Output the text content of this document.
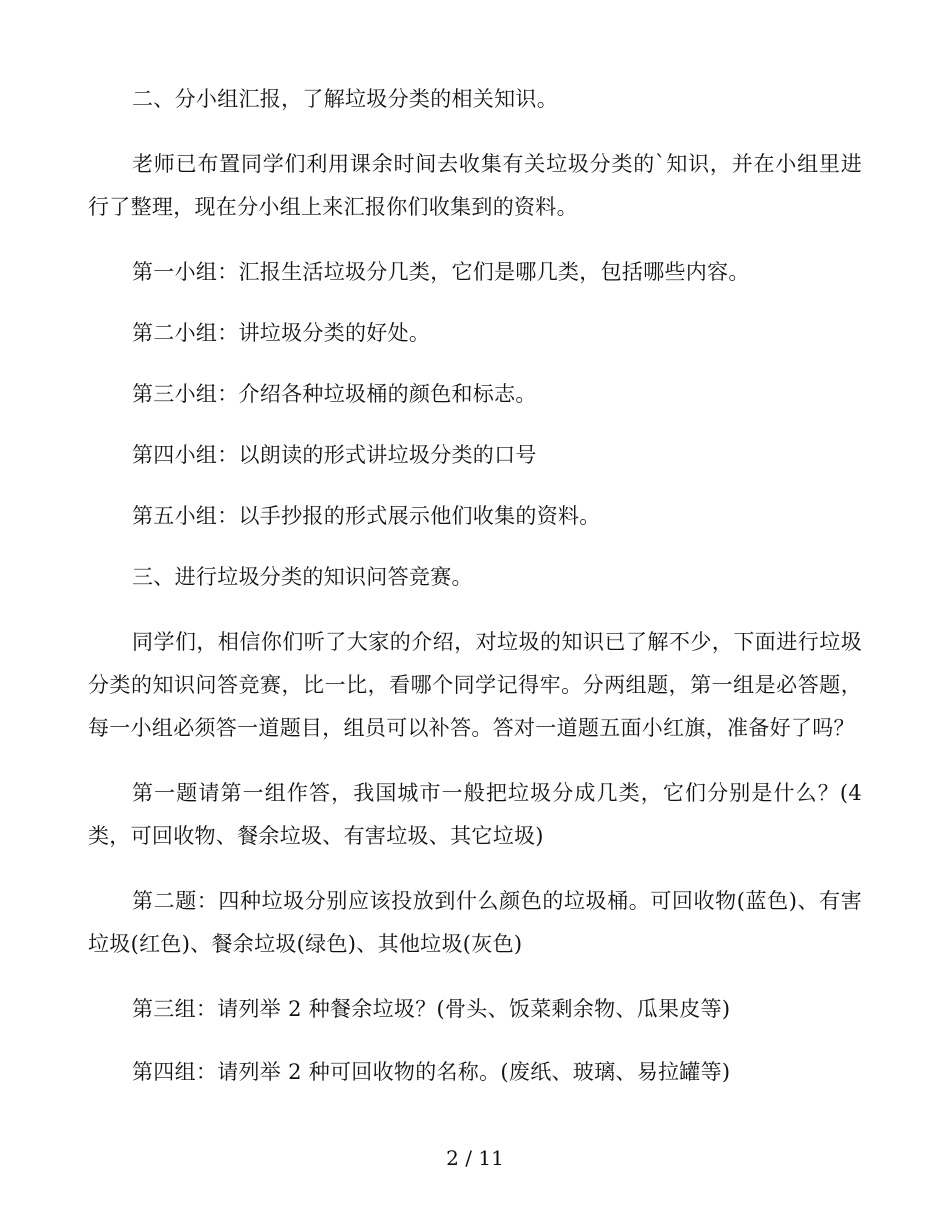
二、分小组汇报，了解垃圾分类的相关知识。

老师已布置同学们利用课余时间去收集有关垃圾分类的`知识，并在小组里进行了整理，现在分小组上来汇报你们收集到的资料。

第一小组：汇报生活垃圾分几类，它们是哪几类，包括哪些内容。

第二小组：讲垃圾分类的好处。

第三小组：介绍各种垃圾桶的颜色和标志。

第四小组：以朗读的形式讲垃圾分类的口号

第五小组：以手抄报的形式展示他们收集的资料。

三、进行垃圾分类的知识问答竞赛。

同学们，相信你们听了大家的介绍，对垃圾的知识已了解不少，下面进行垃圾分类的知识问答竞赛，比一比，看哪个同学记得牢。分两组题，第一组是必答题，每一小组必须答一道题目，组员可以补答。答对一道题五面小红旗，准备好了吗？

第一题请第一组作答，我国城市一般把垃圾分成几类，它们分别是什么？(4类，可回收物、餐余垃圾、有害垃圾、其它垃圾)

第二题：四种垃圾分别应该投放到什么颜色的垃圾桶。可回收物(蓝色)、有害垃圾(红色)、餐余垃圾(绿色)、其他垃圾(灰色)

第三组：请列举 2 种餐余垃圾？(骨头、饭菜剩余物、瓜果皮等)

第四组：请列举 2 种可回收物的名称。(废纸、玻璃、易拉罐等)

2 / 11
